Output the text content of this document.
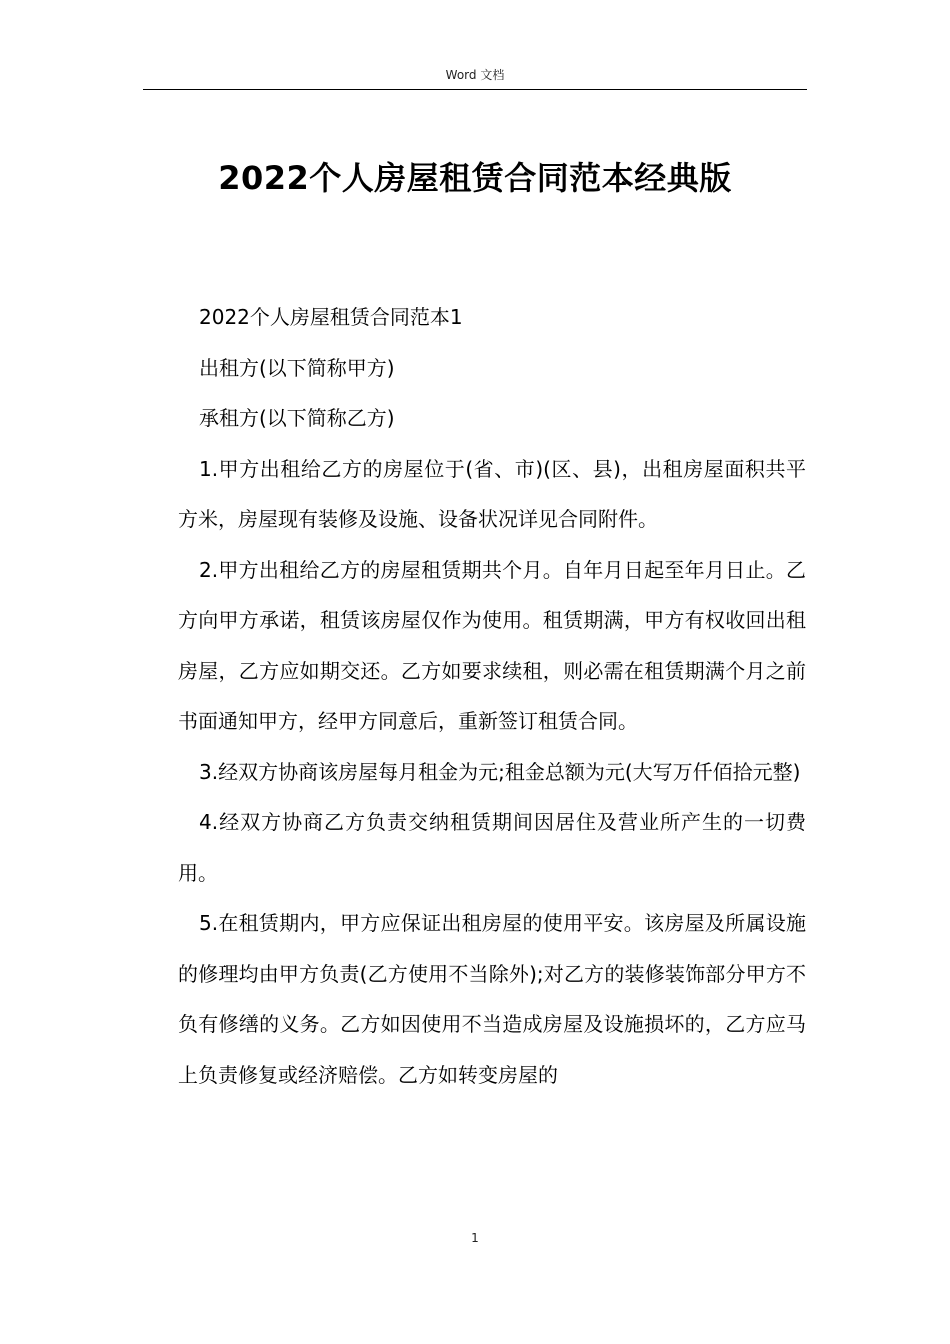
Word 文档
2022个人房屋租赁合同范本经典版

2022个人房屋租赁合同范本1

出租方(以下简称甲方)

承租方(以下简称乙方)

1.甲方出租给乙方的房屋位于(省、市)(区、县)，出租房屋面积共平方米，房屋现有装修及设施、设备状况详见合同附件。

2.甲方出租给乙方的房屋租赁期共个月。自年月日起至年月日止。乙方向甲方承诺，租赁该房屋仅作为使用。租赁期满，甲方有权收回出租房屋，乙方应如期交还。乙方如要求续租，则必需在租赁期满个月之前书面通知甲方，经甲方同意后，重新签订租赁合同。

3.经双方协商该房屋每月租金为元;租金总额为元(大写万仟佰拾元整)

4.经双方协商乙方负责交纳租赁期间因居住及营业所产生的一切费用。

5.在租赁期内，甲方应保证出租房屋的使用平安。该房屋及所属设施的修理均由甲方负责(乙方使用不当除外);对乙方的装修装饰部分甲方不负有修缮的义务。乙方如因使用不当造成房屋及设施损坏的，乙方应马上负责修复或经济赔偿。乙方如转变房屋的

1
